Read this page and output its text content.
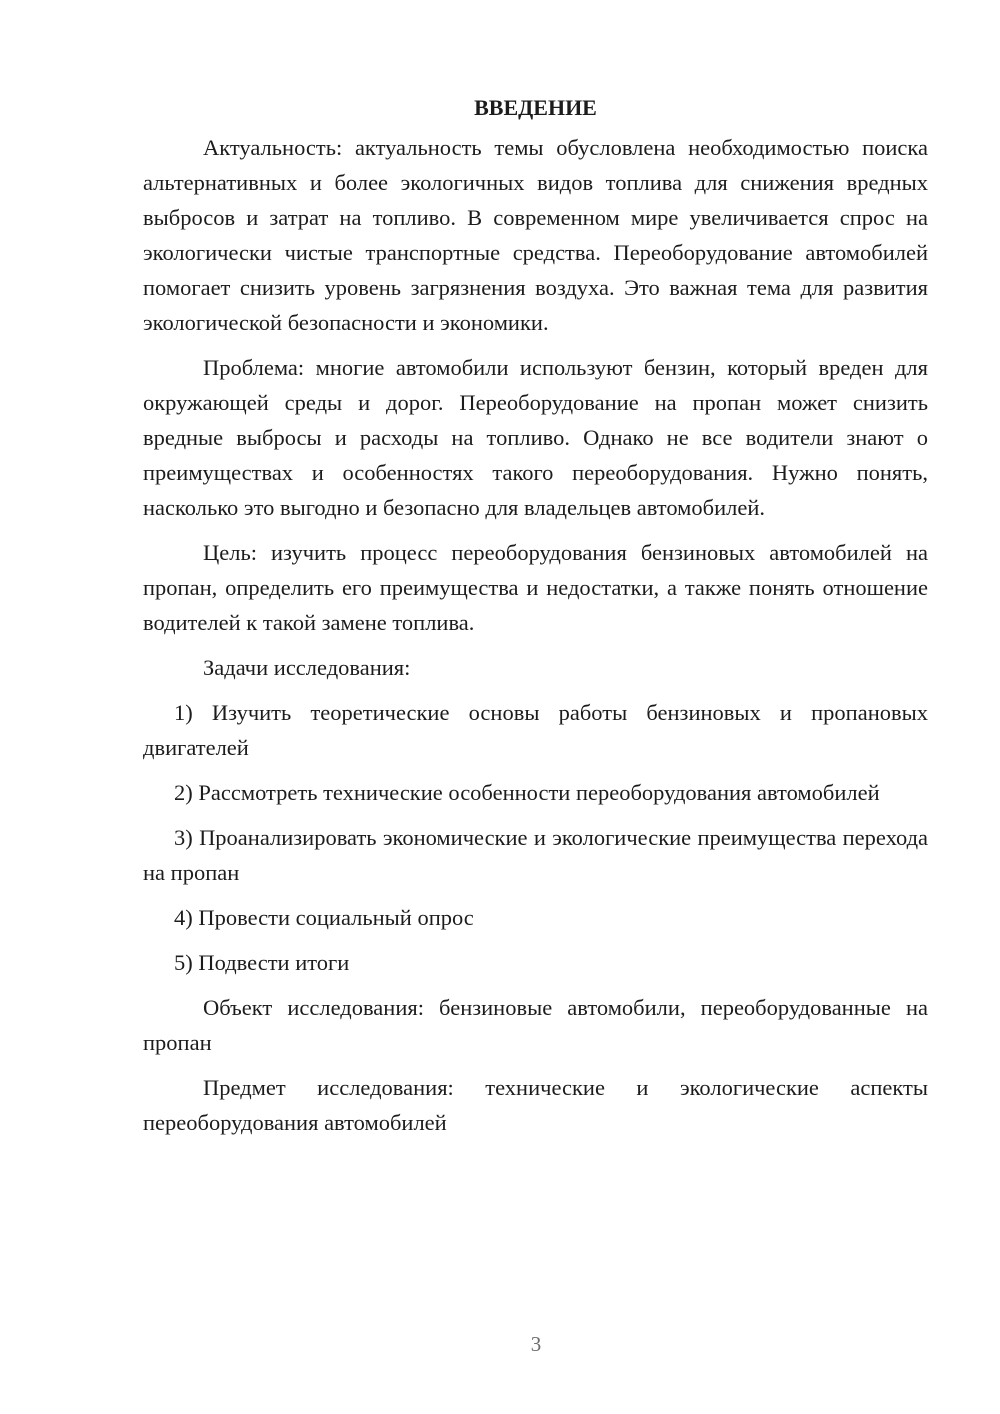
ВВЕДЕНИЕ

Актуальность: актуальность темы обусловлена необходимостью поиска альтернативных и более экологичных видов топлива для снижения вредных выбросов и затрат на топливо. В современном мире увеличивается спрос на экологически чистые транспортные средства. Переоборудование автомобилей помогает снизить уровень загрязнения воздуха. Это важная тема для развития экологической безопасности и экономики.

Проблема: многие автомобили используют бензин, который вреден для окружающей среды и дорог. Переоборудование на пропан может снизить вредные выбросы и расходы на топливо. Однако не все водители знают о преимуществах и особенностях такого переоборудования. Нужно понять, насколько это выгодно и безопасно для владельцев автомобилей.

Цель: изучить процесс переоборудования бензиновых автомобилей на пропан, определить его преимущества и недостатки, а также понять отношение водителей к такой замене топлива.

Задачи исследования:

1) Изучить теоретические основы работы бензиновых и пропановых двигателей

2) Рассмотреть технические особенности переоборудования автомобилей

3) Проанализировать экономические и экологические преимущества перехода на пропан

4) Провести социальный опрос

5) Подвести итоги

Объект исследования: бензиновые автомобили, переоборудованные на пропан

Предмет исследования: технические и экологические аспекты переоборудования автомобилей

3
